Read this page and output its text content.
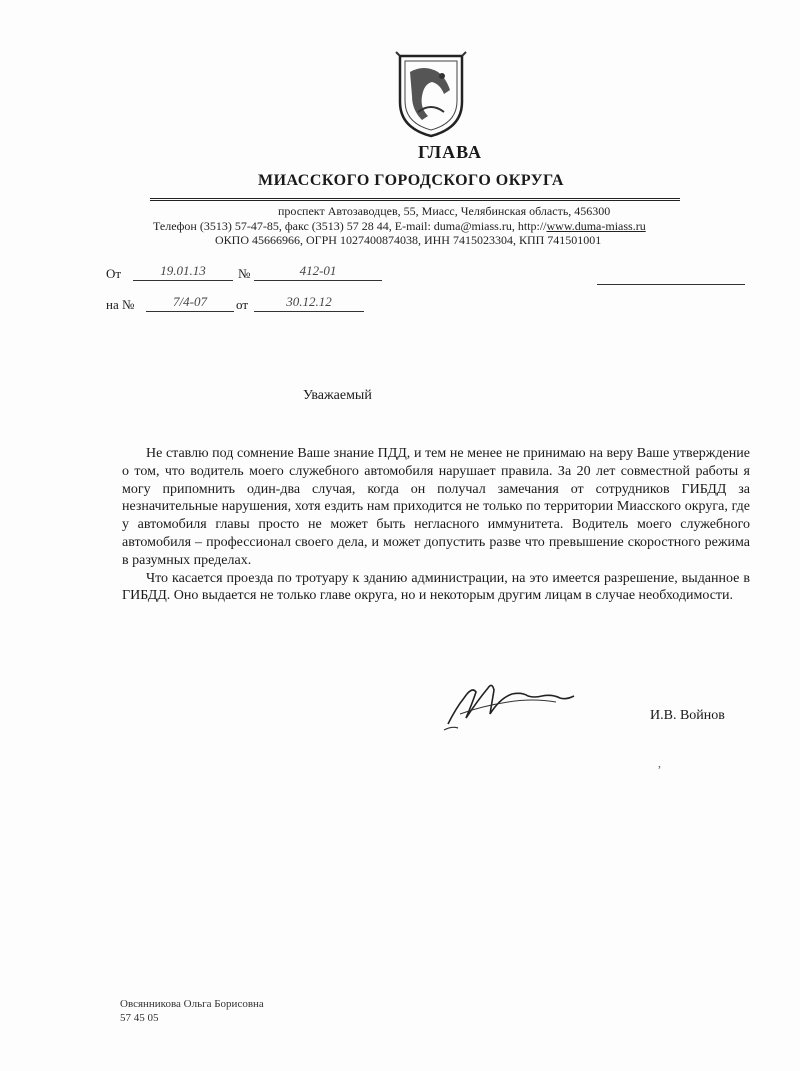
ГЛАВА
МИАССКОГО ГОРОДСКОГО ОКРУГА
проспект Автозаводцев, 55, Миасс, Челябинская область, 456300
Телефон (3513) 57-47-85, факс (3513) 57 28 44, E-mail: duma@miass.ru, http://www.duma-miass.ru
ОКПО 45666966, ОГРН 1027400874038, ИНН 7415023304, КПП 741501001
От	19.01.13	№	412-01
на №	7/4-07	от	30.12.12
Уважаемый

Не ставлю под сомнение Ваше знание ПДД, и тем не менее не принимаю на веру Ваше утверждение о том, что водитель моего служебного автомобиля нарушает правила. За 20 лет совместной работы я могу припомнить один-два случая, когда он получал замечания от сотрудников ГИБДД за незначительные нарушения, хотя ездить нам приходится не только по территории Миасского округа, где у автомобиля главы просто не может быть негласного иммунитета. Водитель моего служебного автомобиля – профессионал своего дела, и может допустить разве что превышение скоростного режима в разумных пределах.

Что касается проезда по тротуару к зданию администрации, на это имеется разрешение, выданное в ГИБДД. Оно выдается не только главе округа, но и некоторым другим лицам в случае необходимости.

И.В. Войнов
,
Овсянникова Ольга Борисовна
57 45 05
